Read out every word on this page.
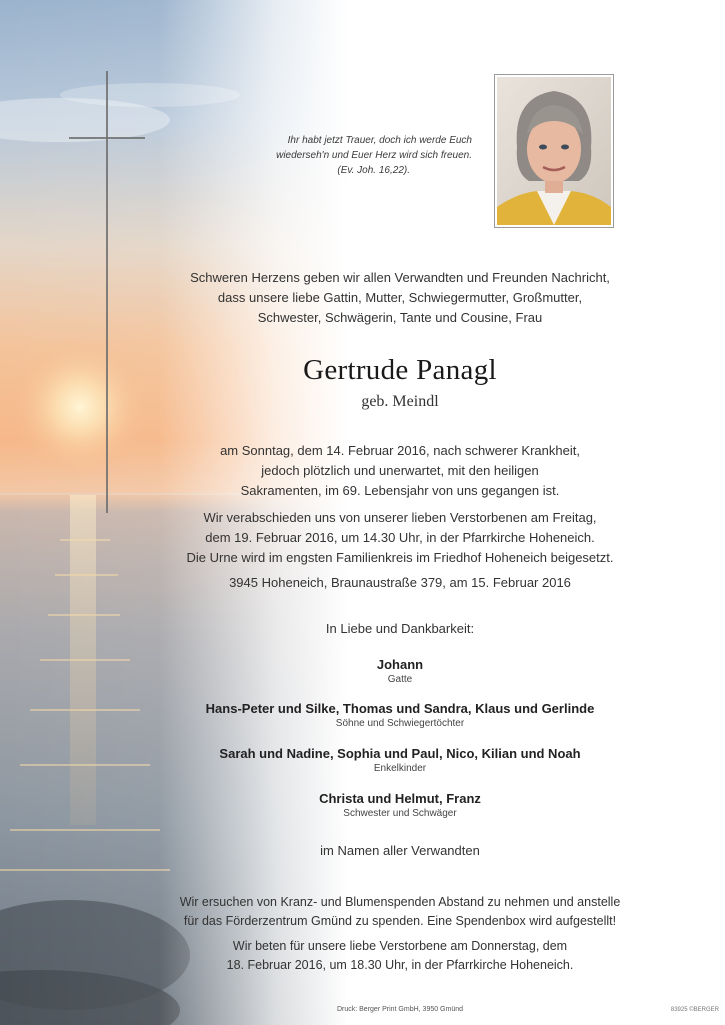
Ihr habt jetzt Trauer, doch ich werde Euch
wiederseh'n und Euer Herz wird sich freuen.
(Ev. Joh. 16,22).
Schweren Herzens geben wir allen Verwandten und Freunden Nachricht,
dass unsere liebe Gattin, Mutter, Schwiegermutter, Großmutter,
Schwester, Schwägerin, Tante und Cousine, Frau
Gertrude Panagl
geb. Meindl
am Sonntag, dem 14. Februar 2016, nach schwerer Krankheit,
jedoch plötzlich und unerwartet, mit den heiligen
Sakramenten, im 69. Lebensjahr von uns gegangen ist.
Wir verabschieden uns von unserer lieben Verstorbenen am Freitag,
dem 19. Februar 2016, um 14.30 Uhr, in der Pfarrkirche Hoheneich.
Die Urne wird im engsten Familienkreis im Friedhof Hoheneich beigesetzt.
3945 Hoheneich, Braunaustraße 379, am 15. Februar 2016
In Liebe und Dankbarkeit:
Johann
Gatte
Hans-Peter und Silke, Thomas und Sandra, Klaus und Gerlinde
Söhne und Schwiegertöchter
Sarah und Nadine, Sophia und Paul, Nico, Kilian und Noah
Enkelkinder
Christa und Helmut, Franz
Schwester und Schwäger
im Namen aller Verwandten
Wir ersuchen von Kranz- und Blumenspenden Abstand zu nehmen und anstelle
für das Förderzentrum Gmünd zu spenden. Eine Spendenbox wird aufgestellt!
Wir beten für unsere liebe Verstorbene am Donnerstag, dem
18. Februar 2016, um 18.30 Uhr, in der Pfarrkirche Hoheneich.
Druck: Berger Print GmbH, 3950 Gmünd	83925 ©BERGER
